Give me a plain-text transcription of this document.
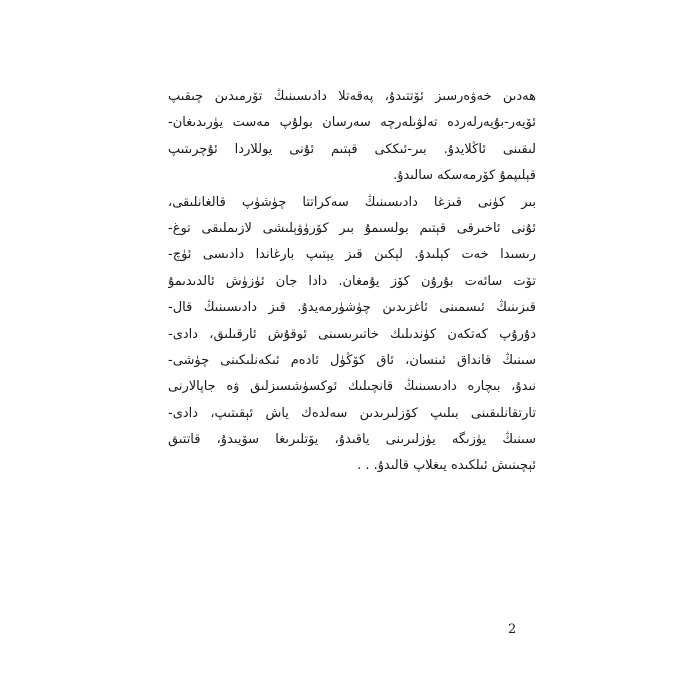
ھەدىن خەۋەرسىز ئۆتتىدۇ، پەقەتلا دادىسىنىڭ تۆرمىدىن چىقىپ
ئۆيەر-بۇيەرلەردە تەلۋىلەرچە سەرسان بولۇپ مەست يۈرىدىغان-
لىقىنى ئاڭلايدۇ. بىر-ئىككى قېتىم ئۇنى يوللاردا ئۇچرىتىپ
قېلىپمۇ كۆرمەسكە سالىدۇ.
بىر كۈنى قىزغا دادىسىنىڭ سەكراتتا چۈشۈپ قالغانلىقى،
ئۇنى ئاخىرقى قېتىم بولسىمۇ بىر كۆرۈۋېلىشى لازىملىقى توغ-
رىسىدا خەت كېلىدۇ. لېكىن قىز يېتىپ بارغاندا دادىسى ئۈچ-
تۆت سائەت بۇرۇن كۆز يۇمغان. دادا جان ئۈزۈش ئالدىدىمۇ
قىزىنىڭ ئىسمىنى ئاغزىدىن چۈشۈرمەيدۇ. قىز دادىسىنىڭ قال-
دۇرۇپ كەتكەن كۈندىلىك خاتىرىسىنى ئوقۇش ئارقىلىق، دادى-
سىنىڭ قانداق ئىنسان، ئاق كۆڭۈل ئادەم ئىكەنلىكىنى چۈشى-
نىدۇ، بىچارە دادىسىنىڭ قانچىلىك ئوكسۈشسىزلىق ۋە جاپالارنى
تارتقانلىقىنى بىلىپ كۆزلىرىدىن سەلدەك ياش ئېقىتىپ، دادى-
سىنىڭ يۈزىگە يۈزلىرىنى ياقىدۇ، يۆتلىرىغا سۆيىدۇ، قاتتىق
ئېچىنىش ئىلكىدە يىغلاپ قالىدۇ. . .
2
